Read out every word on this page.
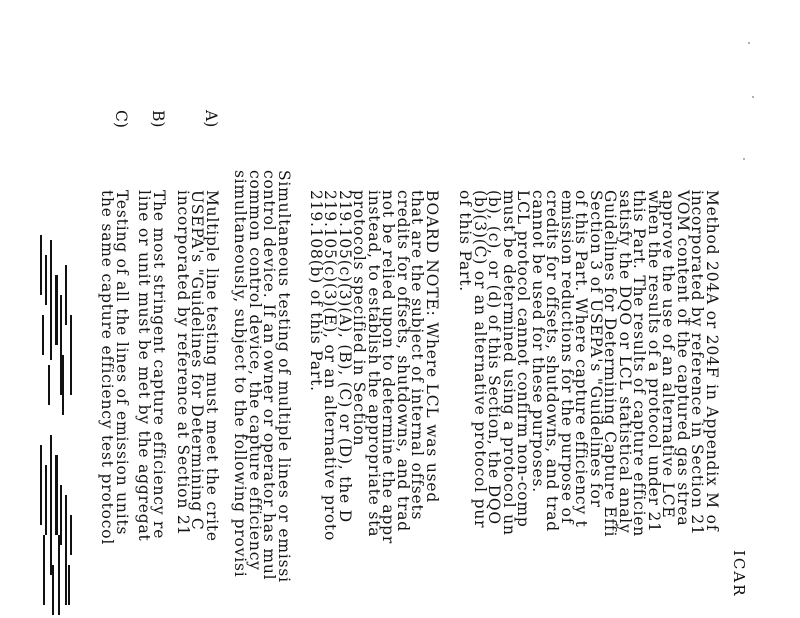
ICAR
Method 204A or 204F in Appendix M of
incorporated by reference in Section 21
VOM content of the captured gas strea
approve the use of an alternative LCE
when the results of a protocol under 21
this Part. The results of capture efficien
satisfy the DQO or LCL statistical analy
Guidelines for Determining Capture Effi
Section 3 of USEPA's "Guidelines for
of this Part. Where capture efficiency t
emission reductions for the purpose of
credits for offsets, shutdowns, and trad
cannot be used for these purposes.
LCL protocol cannot confirm non-comp
must be determined using a protocol un
(b), (c), or (d) of this Section, the DQO
(b)(3)(C) or an alternative protocol pur
of this Part.
BOARD NOTE: Where LCL was used
that are the subject of internal offsets
credits for offsets, shutdowns, and trad
not be relied upon to determine the appr
instead, to establish the appropriate sta
protocols specified in Section
219.105(c)(3)(A), (B), (C) or (D), the D
219.105(c)(3)(E), or an alternative proto
219.108(b) of this Part.
Simultaneous testing of multiple lines or emissi
control device. If an owner or operator has mul
common control device, the capture efficiency
simultaneously, subject to the following provisi
A)
Multiple line testing must meet the crite
USEPA's "Guidelines for Determining C
incorporated by reference at Section 21
B)
The most stringent capture efficiency re
line or unit must be met by the aggregat
C)
Testing of all the lines of emission units
the same capture efficiency test protocol
